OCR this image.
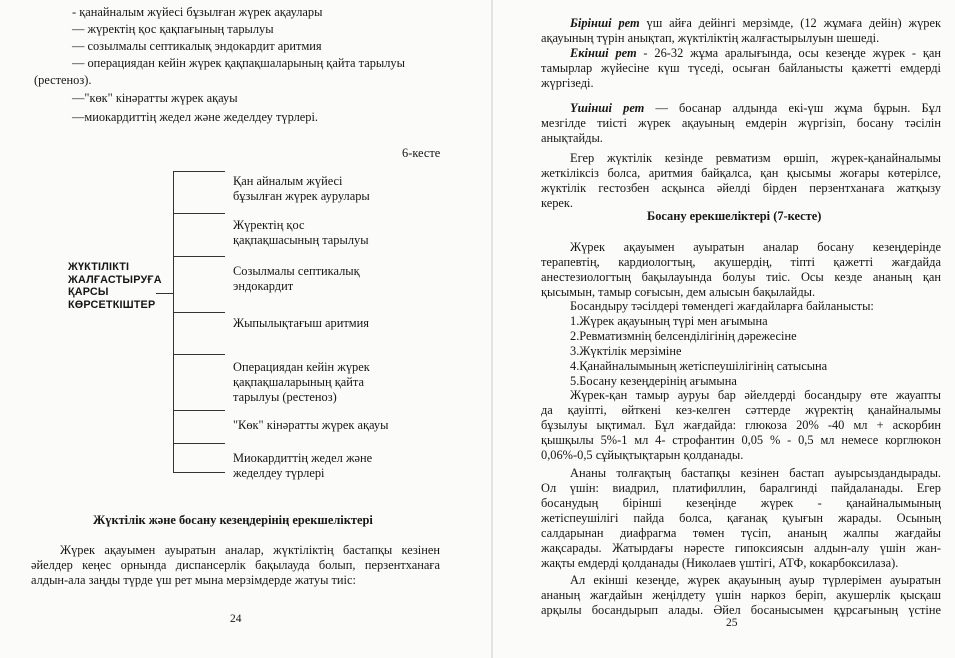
- қанайналым жүйесі бұзылған жүрек ақаулары
— жүректің қос қақпағының тарылуы
— созылмалы септикалық эндокардит аритмия
— операциядан кейін жүрек қақпақшаларының қайта тарылуы
(рестеноз).
—"көк" кінәратты жүрек ақауы
—миокардиттің жедел және жеделдеу түрлері.
6-кесте
ЖҮКТІЛІКТІ
ЖАЛҒАСТЫРУҒА
ҚАРСЫ
КӨРСЕТКІШТЕР
Қан айналым жүйесі
бұзылған жүрек аурулары
Жүректің қос
қақпақшасының тарылуы
Созылмалы септикалық
эндокардит
Жыпылықтағыш аритмия
Операциядан кейін жүрек
қақпақшаларының қайта
тарылуы (рестеноз)
"Көк" кінәратты жүрек ақауы
Миокардиттің жедел және
жеделдеу түрлері
Жүктілік және босану кезеңдерінің ерекшеліктері
Жүрек ақауымен ауыратын аналар, жүктіліктің бастапқы кезінен
әйелдер кеңес орнында диспансерлік бақылауда болып, перзентханаға
алдын-ала заңды түрде үш рет мына мерзімдерде жатуы тиіс:
24
Бірінші рет үш айға дейінгі мерзімде, (12 жұмаға дейін) жүрек
ақауының түрін анықтап, жүктіліктің жалғастырылуын шешеді.
Екінші рет - 26-32 жұма аралығында, осы кезеңде жүрек - қан
тамырлар жүйесіне күш түседі, осыған байланысты қажетті емдерді
жүргізеді.
Үшінші рет — босанар алдында екі-үш жұма бұрын. Бұл
мезгілде тиісті жүрек ақауының емдерін жүргізіп, босану тәсілін
анықтайды.
Егер жүктілік кезінде ревматизм өршіп, жүрек-қанайналымы
жеткіліксіз болса, аритмия байқалса, қан қысымы жоғары көтерілсе,
жүктілік гестозбен асқынса әйелді бірден перзентханаға жатқызу
керек.
Босану ерекшеліктері (7-кесте)
Жүрек ақауымен ауыратын аналар босану кезеңдерінде
терапевтің, кардиологтың, акушердің, тіпті қажетті жағдайда
анестезиологтың бақылауында болуы тиіс. Осы кезде ананың қан
қысымын, тамыр соғысын, дем алысын бақылайды.
Босандыру тәсілдері төмендегі жағдайларға байланысты:
1.Жүрек ақауының түрі мен ағымына
2.Ревматизмнің белсенділігінің дәрежесіне
3.Жүктілік мерзіміне
4.Қанайналымының жетіспеушілігінің сатысына
5.Босану кезеңдерінің ағымына
Жүрек-қан тамыр ауруы бар әйелдерді босандыру өте жауапты
да қауіпті, өйткені кез-келген сәттерде жүректің қанайналымы
бұзылуы ықтимал. Бұл жағдайда: глюкоза 20% -40 мл + аскорбин
қышқылы 5%-1 мл 4- строфантин 0,05 % - 0,5 мл немесе корглюкон
0,06%-0,5 сұйықтықтарын қолданады.
Ананы толғақтың бастапқы кезінен бастап ауырсыздандырады.
Ол үшін: виадрил, платифиллин, баралгинді пайдаланады. Егер
босанудың бірінші кезеңінде жүрек - қанайналымының
жетіспеушілігі пайда болса, қағанақ қуығын жарады. Осының
салдарынан диафрагма төмен түсіп, ананың жалпы жағдайы
жақсарады. Жатырдағы нәресте гипоксиясын алдын-алу үшін жан-
жақты емдерді қолданады (Николаев үштігі, АТФ, кокарбоксилаза).
Ал екінші кезеңде, жүрек ақауының ауыр түрлерімен ауыратын
ананың жағдайын жеңілдету үшін наркоз беріп, акушерлік қысқаш
арқылы босандырып алады. Әйел босанысымен құрсағының үстіне
25
